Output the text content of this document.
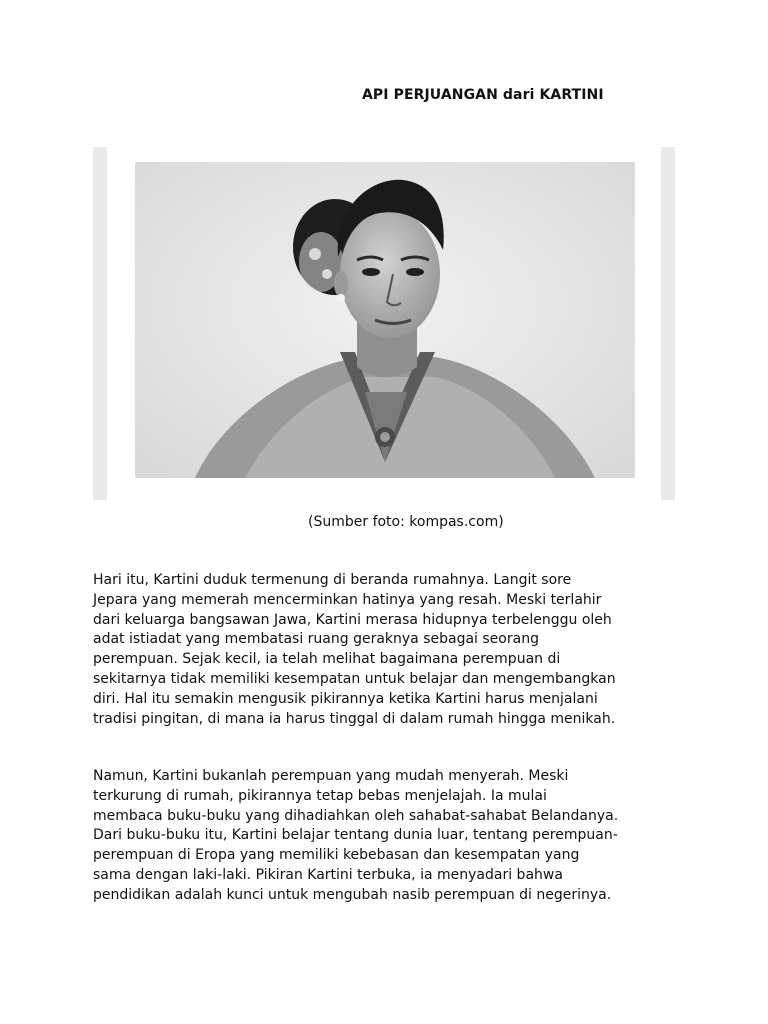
API PERJUANGAN dari KARTINI
(Sumber foto: kompas.com)

Hari itu, Kartini duduk termenung di beranda rumahnya. Langit sore
Jepara yang memerah mencerminkan hatinya yang resah. Meski terlahir
dari keluarga bangsawan Jawa, Kartini merasa hidupnya terbelenggu oleh
adat istiadat yang membatasi ruang geraknya sebagai seorang
perempuan. Sejak kecil, ia telah melihat bagaimana perempuan di
sekitarnya tidak memiliki kesempatan untuk belajar dan mengembangkan
diri. Hal itu semakin mengusik pikirannya ketika Kartini harus menjalani
tradisi pingitan, di mana ia harus tinggal di dalam rumah hingga menikah.

Namun, Kartini bukanlah perempuan yang mudah menyerah. Meski
terkurung di rumah, pikirannya tetap bebas menjelajah. Ia mulai
membaca buku-buku yang dihadiahkan oleh sahabat-sahabat Belandanya.
Dari buku-buku itu, Kartini belajar tentang dunia luar, tentang perempuan-
perempuan di Eropa yang memiliki kebebasan dan kesempatan yang
sama dengan laki-laki. Pikiran Kartini terbuka, ia menyadari bahwa
pendidikan adalah kunci untuk mengubah nasib perempuan di negerinya.
